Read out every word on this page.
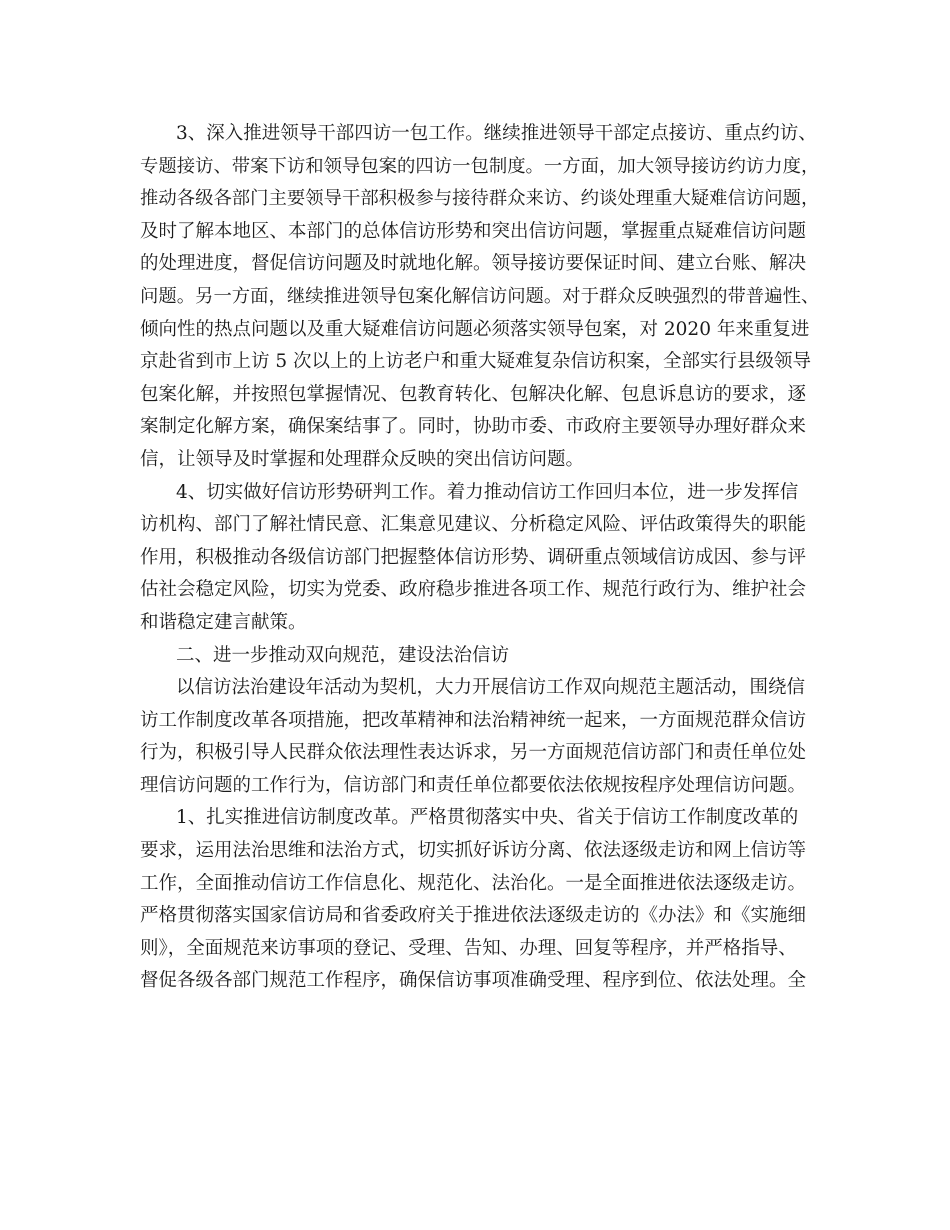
3、深入推进领导干部四访一包工作。继续推进领导干部定点接访、重点约访、
专题接访、带案下访和领导包案的四访一包制度。一方面，加大领导接访约访力度，
推动各级各部门主要领导干部积极参与接待群众来访、约谈处理重大疑难信访问题，
及时了解本地区、本部门的总体信访形势和突出信访问题，掌握重点疑难信访问题
的处理进度，督促信访问题及时就地化解。领导接访要保证时间、建立台账、解决
问题。另一方面，继续推进领导包案化解信访问题。对于群众反映强烈的带普遍性、
倾向性的热点问题以及重大疑难信访问题必须落实领导包案，对 2020 年来重复进
京赴省到市上访 5 次以上的上访老户和重大疑难复杂信访积案，全部实行县级领导
包案化解，并按照包掌握情况、包教育转化、包解决化解、包息诉息访的要求，逐
案制定化解方案，确保案结事了。同时，协助市委、市政府主要领导办理好群众来
信，让领导及时掌握和处理群众反映的突出信访问题。
4、切实做好信访形势研判工作。着力推动信访工作回归本位，进一步发挥信
访机构、部门了解社情民意、汇集意见建议、分析稳定风险、评估政策得失的职能
作用，积极推动各级信访部门把握整体信访形势、调研重点领域信访成因、参与评
估社会稳定风险，切实为党委、政府稳步推进各项工作、规范行政行为、维护社会
和谐稳定建言献策。
二、进一步推动双向规范，建设法治信访
以信访法治建设年活动为契机，大力开展信访工作双向规范主题活动，围绕信
访工作制度改革各项措施，把改革精神和法治精神统一起来，一方面规范群众信访
行为，积极引导人民群众依法理性表达诉求，另一方面规范信访部门和责任单位处
理信访问题的工作行为，信访部门和责任单位都要依法依规按程序处理信访问题。
1、扎实推进信访制度改革。严格贯彻落实中央、省关于信访工作制度改革的
要求，运用法治思维和法治方式，切实抓好诉访分离、依法逐级走访和网上信访等
工作，全面推动信访工作信息化、规范化、法治化。一是全面推进依法逐级走访。
严格贯彻落实国家信访局和省委政府关于推进依法逐级走访的《办法》和《实施细
则》，全面规范来访事项的登记、受理、告知、办理、回复等程序，并严格指导、
督促各级各部门规范工作程序，确保信访事项准确受理、程序到位、依法处理。全
